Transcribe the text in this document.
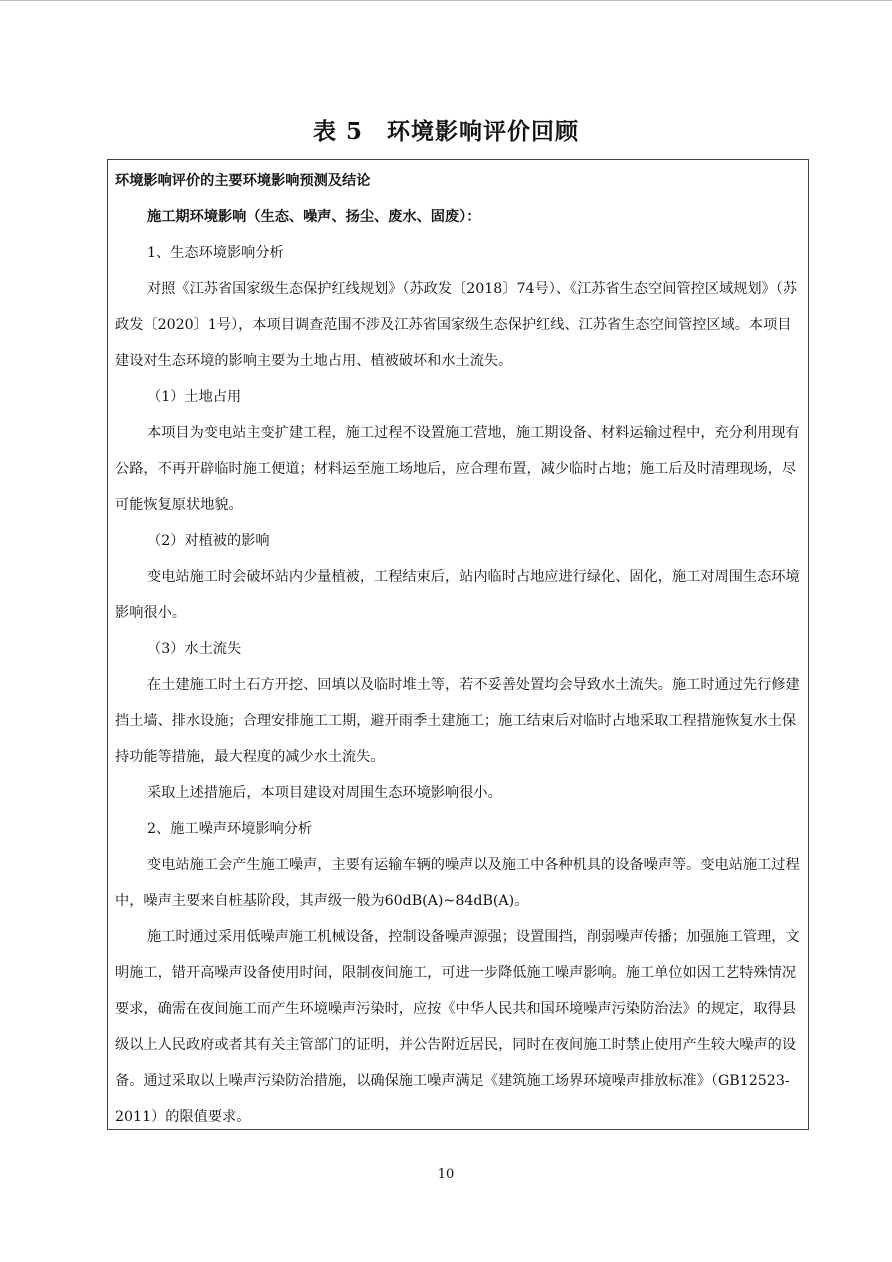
表 5　环境影响评价回顾

环境影响评价的主要环境影响预测及结论

施工期环境影响（生态、噪声、扬尘、废水、固废）：

1、生态环境影响分析

对照《江苏省国家级生态保护红线规划》（苏政发〔2018〕74号）、《江苏省生态空间管控区域规划》（苏政发〔2020〕1号），本项目调查范围不涉及江苏省国家级生态保护红线、江苏省生态空间管控区域。本项目建设对生态环境的影响主要为土地占用、植被破坏和水土流失。

（1）土地占用

本项目为变电站主变扩建工程，施工过程不设置施工营地，施工期设备、材料运输过程中，充分利用现有公路，不再开辟临时施工便道；材料运至施工场地后，应合理布置，减少临时占地；施工后及时清理现场，尽可能恢复原状地貌。

（2）对植被的影响

变电站施工时会破坏站内少量植被，工程结束后，站内临时占地应进行绿化、固化，施工对周围生态环境影响很小。

（3）水土流失

在土建施工时土石方开挖、回填以及临时堆土等，若不妥善处置均会导致水土流失。施工时通过先行修建挡土墙、排水设施；合理安排施工工期，避开雨季土建施工；施工结束后对临时占地采取工程措施恢复水土保持功能等措施，最大程度的减少水土流失。

采取上述措施后，本项目建设对周围生态环境影响很小。

2、施工噪声环境影响分析

变电站施工会产生施工噪声，主要有运输车辆的噪声以及施工中各种机具的设备噪声等。变电站施工过程中，噪声主要来自桩基阶段，其声级一般为60dB(A)~84dB(A)。

施工时通过采用低噪声施工机械设备，控制设备噪声源强；设置围挡，削弱噪声传播；加强施工管理，文明施工，错开高噪声设备使用时间，限制夜间施工，可进一步降低施工噪声影响。施工单位如因工艺特殊情况要求，确需在夜间施工而产生环境噪声污染时，应按《中华人民共和国环境噪声污染防治法》的规定，取得县级以上人民政府或者其有关主管部门的证明，并公告附近居民，同时在夜间施工时禁止使用产生较大噪声的设备。通过采取以上噪声污染防治措施，以确保施工噪声满足《建筑施工场界环境噪声排放标准》（GB12523-2011）的限值要求。

10
